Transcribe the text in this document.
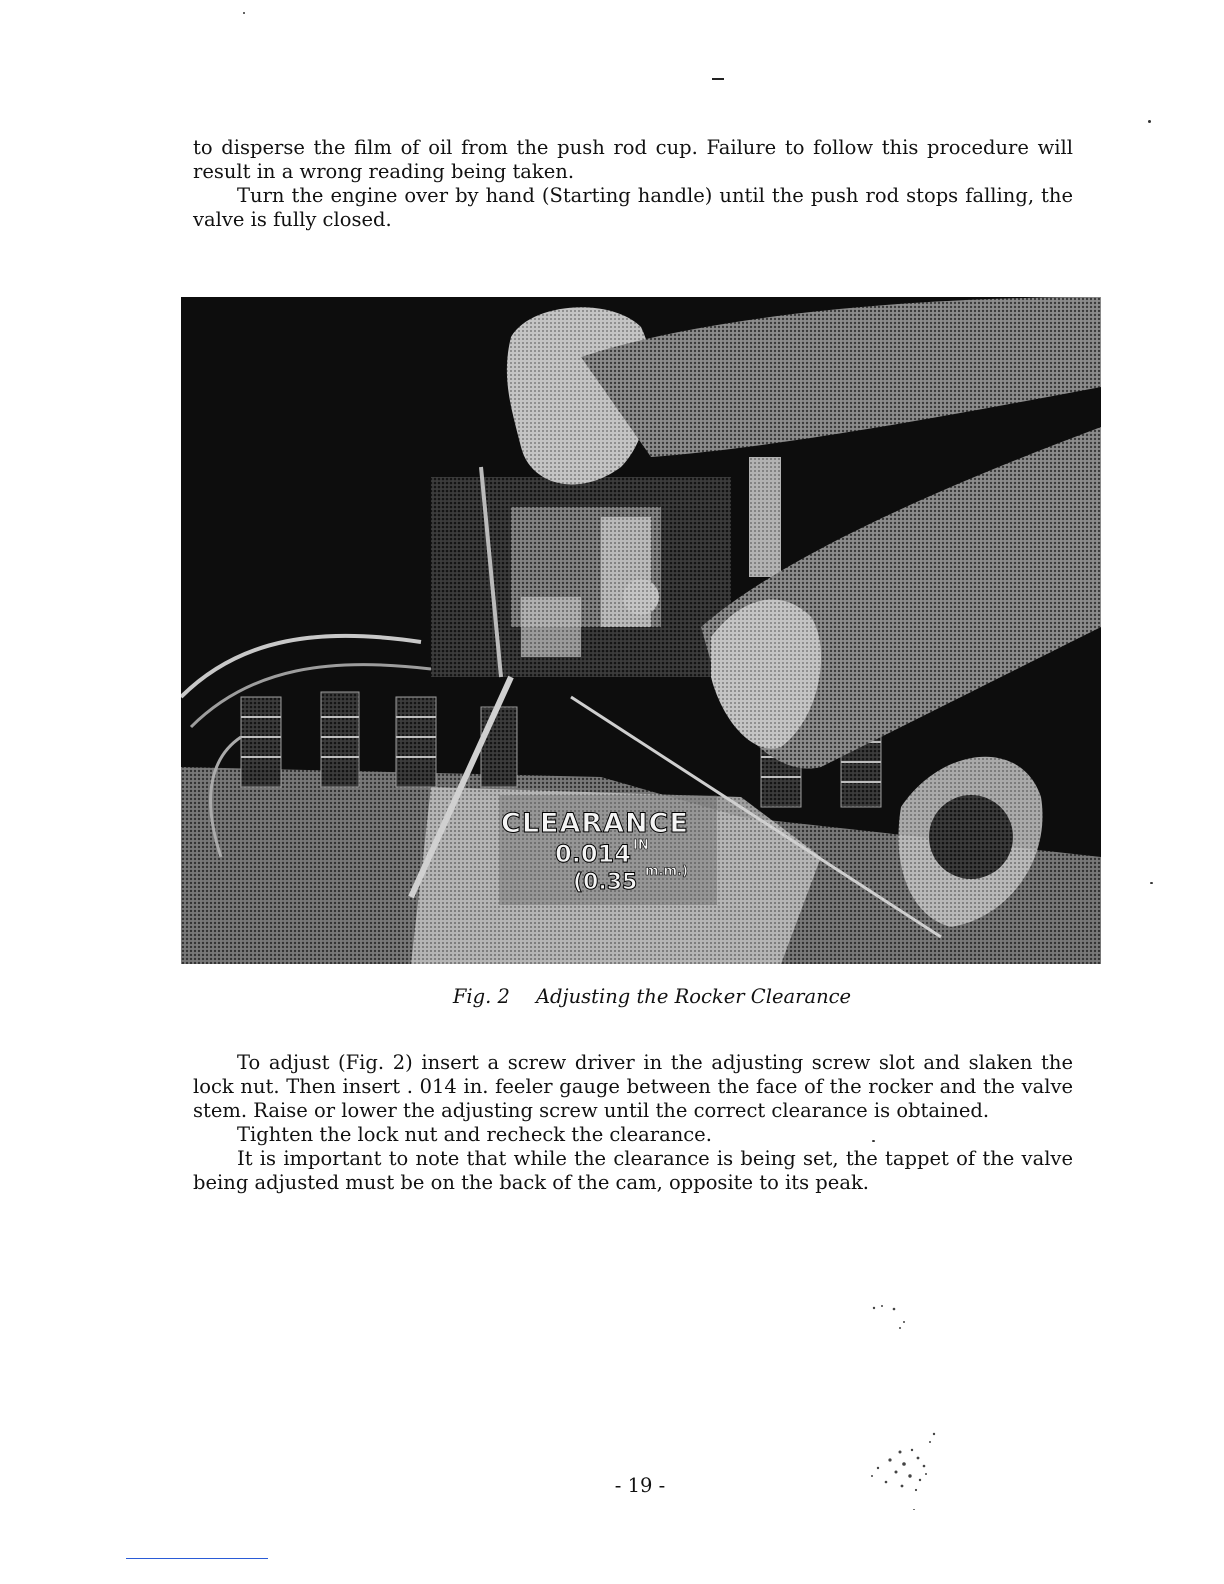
to disperse the film of oil from the push rod cup. Failure to follow this procedure will result in a wrong reading being taken.

Turn the engine over by hand (Starting handle) until the push rod stops falling, the valve is fully closed.

CLEARANCE
0.014 IN
(0.35 m.m.)
Fig. 2 Adjusting the Rocker Clearance

To adjust (Fig. 2) insert a screw driver in the adjusting screw slot and slaken the lock nut. Then insert . 014 in. feeler gauge between the face of the rocker and the valve stem. Raise or lower the adjusting screw until the correct clearance is obtained.

Tighten the lock nut and recheck the clearance.

It is important to note that while the clearance is being set, the tappet of the valve being adjusted must be on the back of the cam, opposite to its peak.

- 19 -
